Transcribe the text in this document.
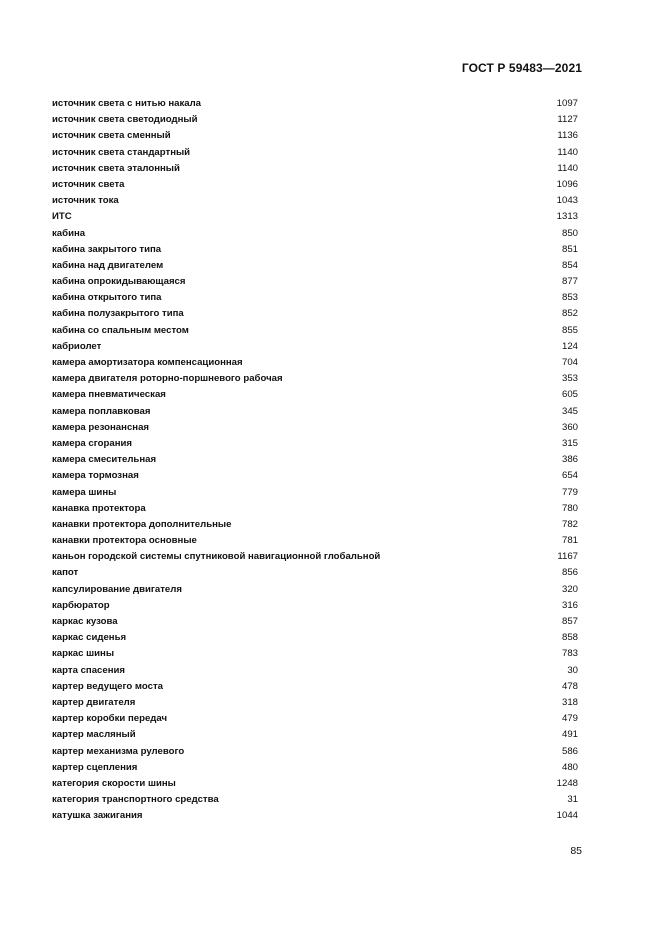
ГОСТ Р 59483—2021
источник света с нитью накала	1097
источник света светодиодный	1127
источник света сменный	1136
источник света стандартный	1140
источник света эталонный	1140
источник света	1096
источник тока	1043
ИТС	1313
кабина	850
кабина закрытого типа	851
кабина над двигателем	854
кабина опрокидывающаяся	877
кабина открытого типа	853
кабина полузакрытого типа	852
кабина со спальным местом	855
кабриолет	124
камера амортизатора компенсационная	704
камера двигателя роторно-поршневого рабочая	353
камера пневматическая	605
камера поплавковая	345
камера резонансная	360
камера сгорания	315
камера смесительная	386
камера тормозная	654
камера шины	779
канавка протектора	780
канавки протектора дополнительные	782
канавки протектора основные	781
каньон городской системы спутниковой навигационной глобальной	1167
капот	856
капсулирование двигателя	320
карбюратор	316
каркас кузова	857
каркас сиденья	858
каркас шины	783
карта спасения	30
картер ведущего моста	478
картер двигателя	318
картер коробки передач	479
картер масляный	491
картер механизма рулевого	586
картер сцепления	480
категория скорости шины	1248
категория транспортного средства	31
катушка зажигания	1044
85
